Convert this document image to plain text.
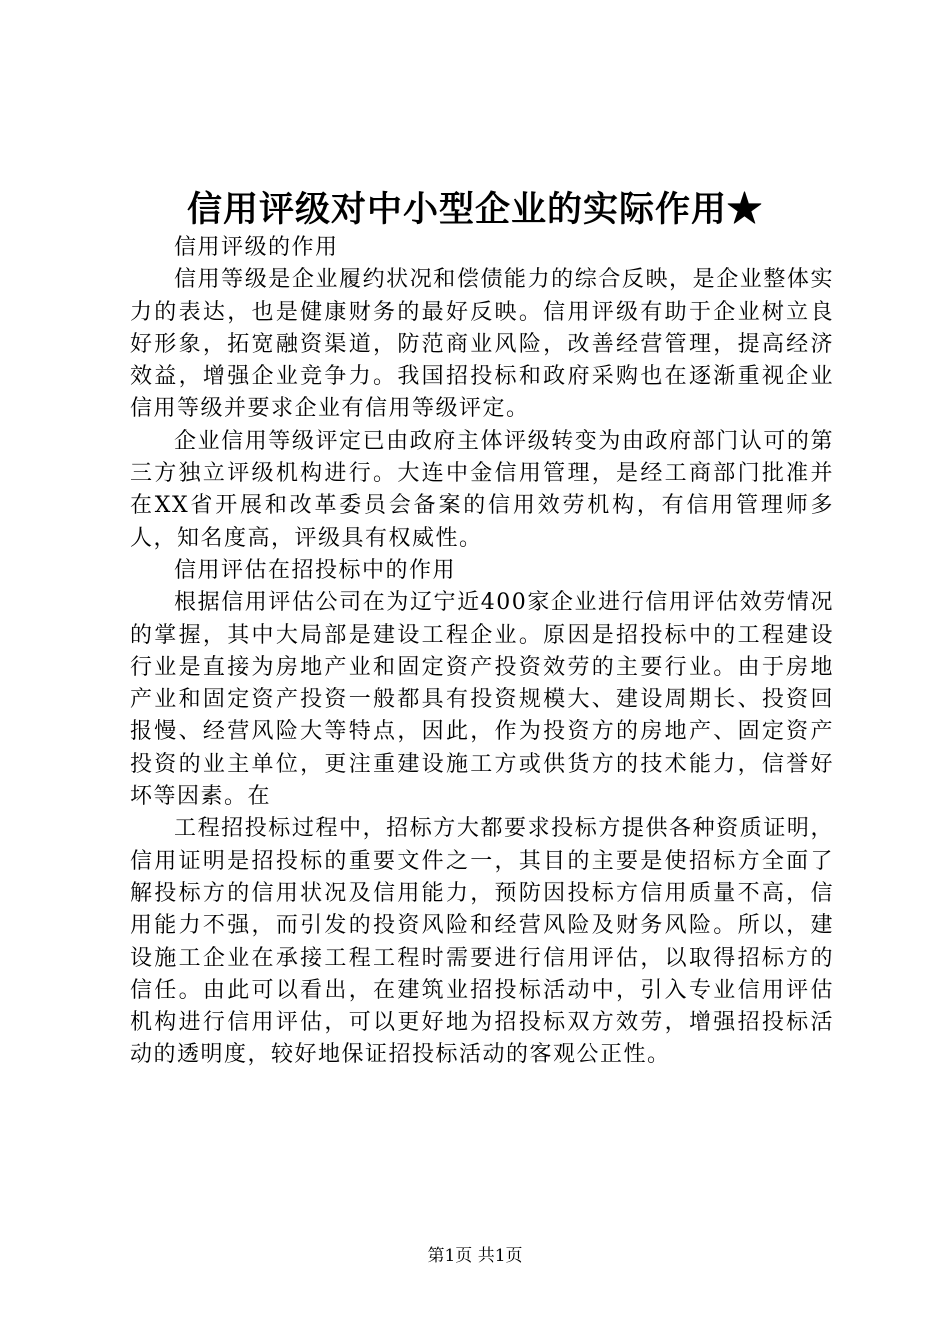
信用评级对中小型企业的实际作用★

信用评级的作用

信用等级是企业履约状况和偿债能力的综合反映，是企业整体实力的表达，也是健康财务的最好反映。信用评级有助于企业树立良好形象，拓宽融资渠道，防范商业风险，改善经营管理，提高经济效益，增强企业竞争力。我国招投标和政府采购也在逐渐重视企业信用等级并要求企业有信用等级评定。

企业信用等级评定已由政府主体评级转变为由政府部门认可的第三方独立评级机构进行。大连中金信用管理，是经工商部门批准并在XX省开展和改革委员会备案的信用效劳机构，有信用管理师多人，知名度高，评级具有权威性。

信用评估在招投标中的作用

根据信用评估公司在为辽宁近400家企业进行信用评估效劳情况的掌握，其中大局部是建设工程企业。原因是招投标中的工程建设行业是直接为房地产业和固定资产投资效劳的主要行业。由于房地产业和固定资产投资一般都具有投资规模大、建设周期长、投资回报慢、经营风险大等特点，因此，作为投资方的房地产、固定资产投资的业主单位，更注重建设施工方或供货方的技术能力，信誉好坏等因素。在

工程招投标过程中，招标方大都要求投标方提供各种资质证明，信用证明是招投标的重要文件之一，其目的主要是使招标方全面了解投标方的信用状况及信用能力，预防因投标方信用质量不高，信用能力不强，而引发的投资风险和经营风险及财务风险。所以，建设施工企业在承接工程工程时需要进行信用评估，以取得招标方的信任。由此可以看出，在建筑业招投标活动中，引入专业信用评估机构进行信用评估，可以更好地为招投标双方效劳，增强招投标活动的透明度，较好地保证招投标活动的客观公正性。

第1页 共1页
